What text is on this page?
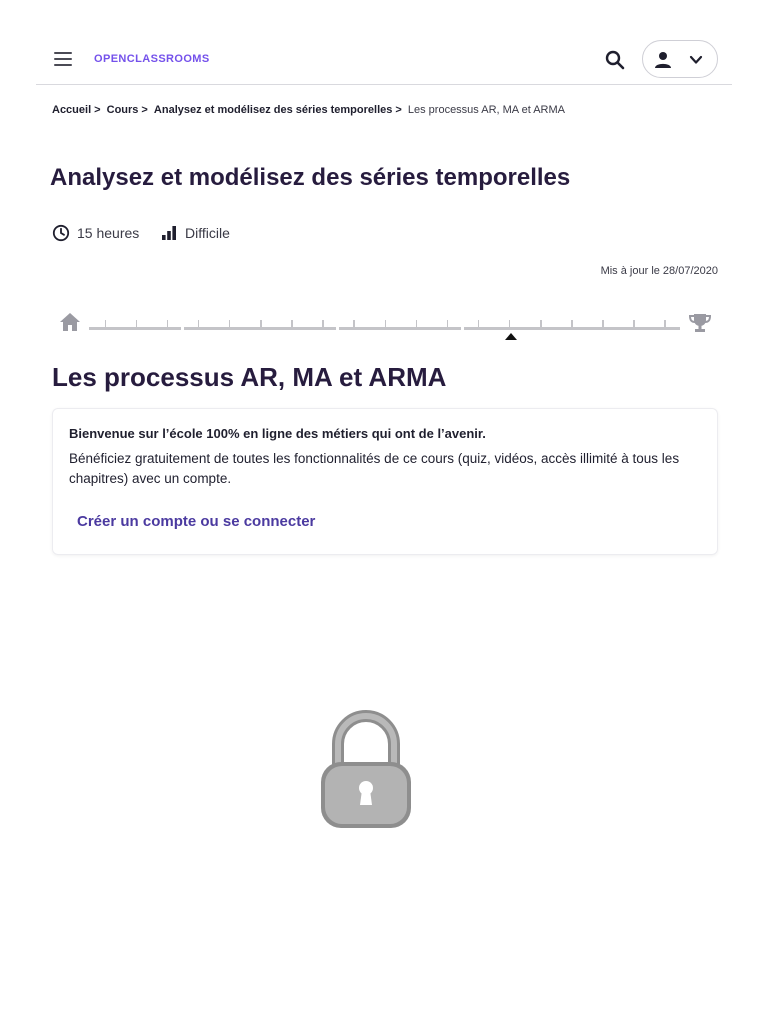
OPENCLASSROOMS
Accueil > Cours > Analysez et modélisez des séries temporelles > Les processus AR, MA et ARMA
Analysez et modélisez des séries temporelles
15 heures	Difficile
Mis à jour le 28/07/2020
Les processus AR, MA et ARMA

Bienvenue sur l’école 100% en ligne des métiers qui ont de l’avenir.

Bénéficiez gratuitement de toutes les fonctionnalités de ce cours (quiz, vidéos, accès illimité à tous les chapitres) avec un compte.

Créer un compte ou se connecter
